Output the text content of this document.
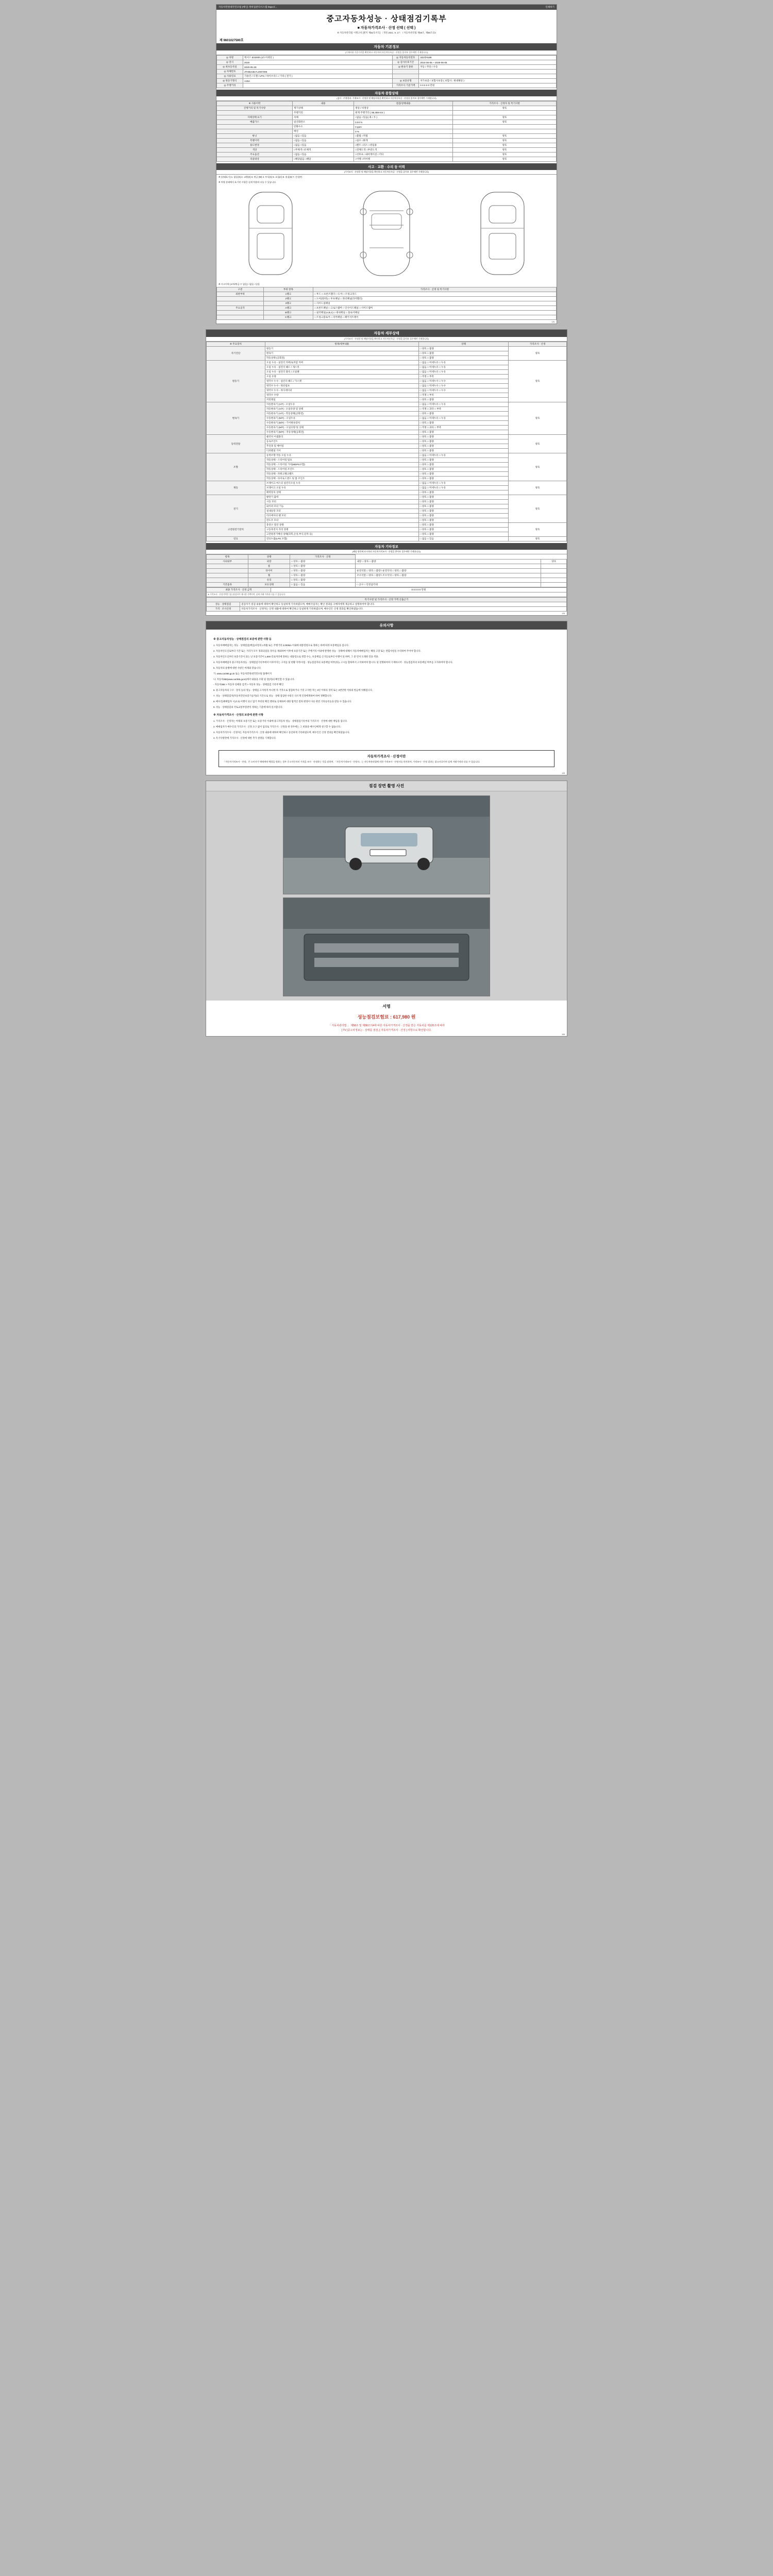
자동차민원대국민포털 (메인) 정비업관리시스템 https://...	인쇄하기
중고자동차성능 · 상태점검기록부
■ 자동차가격조사 · 산정 선택 ( 선택 )
※ 자동차관리법 시행규칙 [별지 제82호서식] 〈개정 2021. 9. 17〉 / 자동차관리법 제58조, 제58조의4
제 9601027590호
자동차 기본정보
(기재사항 기준가격을 확인하고 자동차의 자동차등록증 · 산정을 읽어보 경우에만 기재합니다)
◎ 차명	렉서스 ES300h (4도어세단 )	◎ 자동차등록번호	332류9186
◎ 연식	2020	◎ 검사유효기간	2024-06-05 ~ 2026-06-05
◎ 최초등록일	2020-05-26	◎ 변속기 종류	자동 / 무단 / 수동
◎ 차체번호	JTHB21B1*L2007306		
◎ 사용연료	가솔린 / 디젤 / LPG / 하이브리드 / 기타 ( 전기 )		
◎ 원동기형식	A25A	◎ 보증유형	자가보증 / 보험사보증 ( 보험사 : 현대해상 )
◎ 주행거리		가격조사 기준가액	0 0 0 0 0 만원
자동차 종합상태
(검사 · 주행결과, 기재조사 · 산정한 및 해당사항을 확인하고 자동차등록증 · 산정을 읽어보 경우에만 기재합니다)
※ 사용이력	내용	점검/상태내용	가격조사 · 산정자 및 특기사항
진행거리 및 특기사항	계기상태	정상 / 비정상	양호
	주행거리	현재 주행거리 ( 88,489 Km )	
자체상태 표기	차체	□없음 □있음( 좌 / 우 )	양호
배출가스	일산화탄소	0.04 %	양호
	탄화수소	0 ppm	
	매연	0 %	
튜닝	□없음 □있음	□불법 □적법	양호
특별이력	□없음 □있음	□침수 □화재	양호
용도변경	□없음 □있음	□렌트 □리스 □영업용	양호
색상	□무채색 □유채색	□전체도색 □부분도색	양호
주요옵션	□없음 □있음	□선루프 □내비게이션 □기타	양호
리콜대상	□해당없음 □해당	□이행 □미이행	양호
사고 · 교환 · 수리 등 이력
(가격조사 · 산정한 및 해당사항을 확인하고 자동차등록증 · 산정을 읽어보 경우에만 기재합니다)
※ (상태표시) 1. 없음(X) 2. 교환(X) 3. 판금 (W) 4. 부식(C) 5. 요철(A) 6. 흠집(S) 7. 손상(T)
※ 차량 상태에서 표기된 사항은 실제 차량과 다를 수 있습니다.
※ 사고이력 (교차/판금 수 없음) □없음 □있음
구분	부위 항목	가격조사 · 산정 및 특기사항
외판부위	1랭크	□ 후드 □ 프론트휀더 □ 도어 □ 트렁크리드
	2랭크	□ 도어(앞/뒤) □ 루프패널 □ 쿼터패널(리어휀더)
	3랭크	□ 사이드실패널
주요골격	A랭크	□ 프론트패널 □ 크로스멤버 □ 인사이드패널 □ 사이드멤버
	B랭크	□ 필러패널(A,B,C) □ 대쉬패널 □ 플로어패널
	C랭크	□ 트렁크플로어 □ 리어패널 □ 패키지트레이
1/5
자동차 세부상태
(가격조사 · 산정한 및 해당사항을 확인하고 자동차등록증 · 산정을 읽어보 경우에만 기재합니다)
※ 주요장치	항목/세부내용	상태	가격조사 · 산정
자기진단	원동기	□ 양호 □ 불량	양호
	변속기	□ 양호 □ 불량	
	작동상태 (공회전)	□ 양호 □ 불량	
원동기	오일 누유 - 실린더 커버/로커암 커버	□ 없음 □ 미세누유 □ 누유	양호
	오일 누유 - 실린더 헤드 / 개스킷	□ 없음 □ 미세누유 □ 누유	
	오일 누유 - 실린더 블록 / 오일팬	□ 없음 □ 미세누유 □ 누유	
	오일 유량	□ 적정 □ 부족	
	냉각수 누수 - 실린더 헤드 / 가스켓	□ 없음 □ 미세누수 □ 누수	
	냉각수 누수 - 워터펌프	□ 없음 □ 미세누수 □ 누수	
	냉각수 누수 - 라디에이터	□ 없음 □ 미세누수 □ 누수	
	냉각수 수량	□ 적정 □ 부족	
	커먼레일	□ 양호 □ 불량	
변속기	자동변속기 (A/T) - 오일누유	□ 없음 □ 미세누유 □ 누유	양호
	자동변속기 (A/T) - 오일유량 및 상태	□ 적정 □ 과다 □ 부족	
	자동변속기 (A/T) - 작동상태(공회전)	□ 양호 □ 불량	
	수동변속기 (M/T) - 오일누유	□ 없음 □ 미세누유 □ 누유	
	수동변속기 (M/T) - 기어변속장치	□ 양호 □ 불량	
	수동변속기 (M/T) - 오일유량 및 상태	□ 적정 □ 과다 □ 부족	
	수동변속기 (M/T) - 작동상태(공회전)	□ 양호 □ 불량	
동력전달	클러치 어셈블리	□ 양호 □ 불량	양호
	등속조인트	□ 양호 □ 불량	
	추진축 및 베어링	□ 양호 □ 불량	
	디퍼렌셜 기어	□ 양호 □ 불량	
조향	동력조향 작동 오일 누유	□ 없음 □ 미세누유 □ 누유	양호
	작동상태 - 스티어링 펌프	□ 양호 □ 불량	
	작동상태 - 스티어링 기어(MDPS포함)	□ 양호 □ 불량	
	작동상태 - 스티어링 조인트	□ 양호 □ 불량	
	작동상태 - 파워크랭크벨트	□ 양호 □ 불량	
	작동상태 - 타이로드엔드 및 볼 조인트	□ 양호 □ 불량	
제동	브레이크 마스터 실린더오일 누유	□ 없음 □ 미세누유 □ 누유	양호
	브레이크 오일 누유	□ 없음 □ 미세누유 □ 누유	
	배력장치 상태	□ 양호 □ 불량	
전기	발전기 출력	□ 양호 □ 불량	양호
	시동 모터	□ 양호 □ 불량	
	와이퍼 모터 기능	□ 양호 □ 불량	
	실내송풍 모터	□ 양호 □ 불량	
	라디에이터 팬 모터	□ 양호 □ 불량	
	윈도우 모터	□ 양호 □ 불량	
고전원전기장치	충전구 절연 상태	□ 양호 □ 불량	양호
	구동축전지 격리 상태	□ 양호 □ 불량	
	고전원전기배선 상태(피복,손상,부식,단자 등)	□ 양호 □ 불량	
연료	연료누출(LPG 포함)	□ 없음 □ 있음	양호
자동차 기타정보
(해당 항목에 표시하되 자동차가격조사 · 산정을 받아보 경우에만 기재합니다)
항목	상태	가격조사 · 산정		
사외내부	외장	□ 양호 □ 불량	내장 □ 양호 □ 불량	양호
	룸	□ 양호 □ 불량		
	타이어	□ 양호 □ 불량	운전석앞 □ 양호 □ 불량 / 운전석뒤 □ 양호 □ 불량	
	휠	□ 양호 □ 불량	조수석앞 □ 양호 □ 불량 / 조수석뒤 □ 양호 □ 불량	
	유리	□ 양호 □ 불량		
기본품목	보유상태	□ 없음 □ 있음	□ 공구 □ 안전삼각대	
최종 가격조사 · 산정 금액	0 0 0 0 0 만원
※ 가격조사 · 산정기액은 성능점검자가 제시한 가액이며, 실제 거래 가격과 다를 수 있습니다.
특기사항 및 가격조사 · 산정 가액 산출근거	
성능 · 상태점검	점검자가 점검 내용에 대하여 확인하고 동일하게 기록하였으며, 매매사업자는 확인 결과를 구매자에게 제공하고 설명하여야 합니다.
가격 · 조사산정	자동차가격조사 · 산정자는 산정 내용에 대하여 확인하고 동일하게 기록하였으며, 매수인은 산정 결과를 확인하였습니다.
2/5
유의사항
※ 중고자동차성능 · 상태점검의 보증에 관한 사항 등

1. 자동차매매업자는 성능 · 상태점검(책임)사항과 1개월 또는 주행거리 2,000km 이내에 대통령령으로 정하는 바에 따라 보증책임을 집니다.

2. 자동차인도일로부터 기간 또는 거리가 모두 경과되었을 경우를 제외하여 이후에 보증기간 또는 주행거리 이내에 발생한 성능 · 상태에 대해서 자동차매매업자는 해당 고장 또는 결함사항을 수리하여 주어야 합니다.

3. 자동차인도일부터 보증기간이 되는 날 보증기간이 1,000 킬로미터에 달하는 대통령으로 정할 수는, 보증책임 근거들로부터 이행이 되 하며, 그 중 먼저 도래한 것을 적용.

4. 자동차매매업자 중고자동차성능 · 상태점검기록부에서 이루어지는 고지를 및 현황 지역/사업 · 성능점검자의 보증책임 여부(성능 고시를 합하여서 고지하여야 합니다. 및 설명하여야 기재하시어 · 성능점검자의 보증책임 여부를 고지하여야 합니다.

5. 자동차의 운행에 대한 사항은 아래와 같습니다.

가. www.car365.go.kr 또는 자동차민원대국민포털 홈페이지

나. 자동차365(www.car365.go.kr)에서 내용을 조회 및 장(차)의 확인할 수 있습니다.

- 자동차365 > 자동차 실매물 검색 > 자동차 성능 · 상태점검 기록부 확인

6. 중고자동차의 구조 · 장치 등의 성능 · 상태를 고지하지 아니한 자 거짓으로 점검하거나 거짓 고지한 자는 3년 이하의 징역 또는 3천만원 이하의 벌금에 처해집니다.

7. 성능 · 상태점검자(자동차진단보증기술자)의 기간으로 성능 · 상태 점검한 사항은 다르게 인정에게하여 하여 정확합니다.

8. 매수인(매매업자 시)으로 이행이 되고 않거 부터의 확인 행위로 실제하여 대한 법적인 절차 변경이 다른 관련 기타등록등을 받을 수 있습니다.

9. 성능 · 상태점검의 국토교통부장관이 정하는 기준에 따라 실시합니다.

※ 자동차가격조사 · 산정의 보증에 관한 사항

1. 가격조사 · 산정자는 아래의 보증기간 또는 보증거리 이내에 중고자동차 성능 · 상태점검기록부의 가격조사 · 산정에 대한 책임을 집니다.

2. 매매업자가 매수인의 가격조사 · 산정 요구 없이 임의로 가격조사 · 산정을 한 경우에는 그 비용을 매수인에게 청구할 수 없습니다.

3. 자동차가격조사 · 산정자는 자동차가격조사 · 산정 내용에 대하여 확인하고 동일하게 기록하였으며, 매수인은 산정 결과를 확인하였습니다.

4. 특기사항란에 가격조사 · 산정에 대한 추가 설명을 기재합니다.

자동차가격조사 · 산정이란
「자동차가격조사 · 산정」은 소비자가 매매계약 체결을 원하는 경우 중고자동차의 가격을 조사 · 산정하는 것을 말하며, 「자동차가격조사 · 산정자」는 자동차관리법에 의한 가격조사 · 산정자를 의미하며, 가격조사 · 산정 결과는 참고자료이며 실제 거래가격과 다를 수 있습니다.
4/5
점검 장면 촬영 사진
서명
성능점검보험료 : 617,980 원
「 자동차관리법 」 제58조 및 제58조의4에 따른 자동차가격조사 · 산정을 받은 자동차를 제120조에 따라
[ TV ]중고차정보는 · 상태를 점검, [ 자동차가격조사 · 산정 ] 사항으로 확인합니다.
5/5
